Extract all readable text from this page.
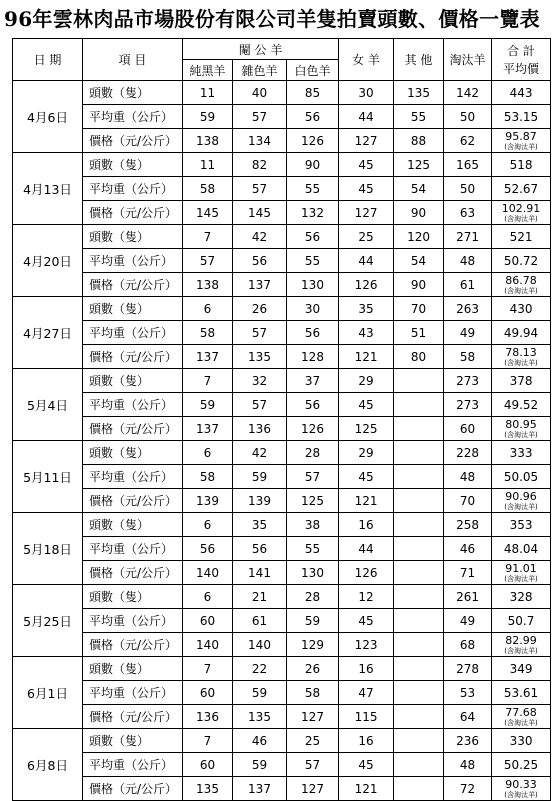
96年雲林肉品市場股份有限公司羊隻拍賣頭數、價格一覽表
日 期	項 目	閹 公 羊			女 羊	其 他	淘汰羊	合 計
平均價

		純黑羊	雜色羊	白色羊				
4月6日	頭數（隻）	11	40	85	30	135	142	443
	平均重（公斤）	59	57	56	44	55	50	53.15
	價格（元/公斤）	138	134	126	127	88	62	95.87
(含淘汰羊)

4月13日	頭數（隻）	11	82	90	45	125	165	518
	平均重（公斤）	58	57	55	45	54	50	52.67
	價格（元/公斤）	145	145	132	127	90	63	102.91
(含淘汰羊)

4月20日	頭數（隻）	7	42	56	25	120	271	521
	平均重（公斤）	57	56	55	44	54	48	50.72
	價格（元/公斤）	138	137	130	126	90	61	86.78
(含淘汰羊)

4月27日	頭數（隻）	6	26	30	35	70	263	430
	平均重（公斤）	58	57	56	43	51	49	49.94
	價格（元/公斤）	137	135	128	121	80	58	78.13
(含淘汰羊)

5月4日	頭數（隻）	7	32	37	29		273	378
	平均重（公斤）	59	57	56	45		273	49.52
	價格（元/公斤）	137	136	126	125		60	80.95
(含淘汰羊)

5月11日	頭數（隻）	6	42	28	29		228	333
	平均重（公斤）	58	59	57	45		48	50.05
	價格（元/公斤）	139	139	125	121		70	90.96
(含淘汰羊)

5月18日	頭數（隻）	6	35	38	16		258	353
	平均重（公斤）	56	56	55	44		46	48.04
	價格（元/公斤）	140	141	130	126		71	91.01
(含淘汰羊)

5月25日	頭數（隻）	6	21	28	12		261	328
	平均重（公斤）	60	61	59	45		49	50.7
	價格（元/公斤）	140	140	129	123		68	82.99
(含淘汰羊)

6月1日	頭數（隻）	7	22	26	16		278	349
	平均重（公斤）	60	59	58	47		53	53.61
	價格（元/公斤）	136	135	127	115		64	77.68
(含淘汰羊)

6月8日	頭數（隻）	7	46	25	16		236	330
	平均重（公斤）	60	59	57	45		48	50.25
	價格（元/公斤）	135	137	127	121		72	90.33
(含淘汰羊)
